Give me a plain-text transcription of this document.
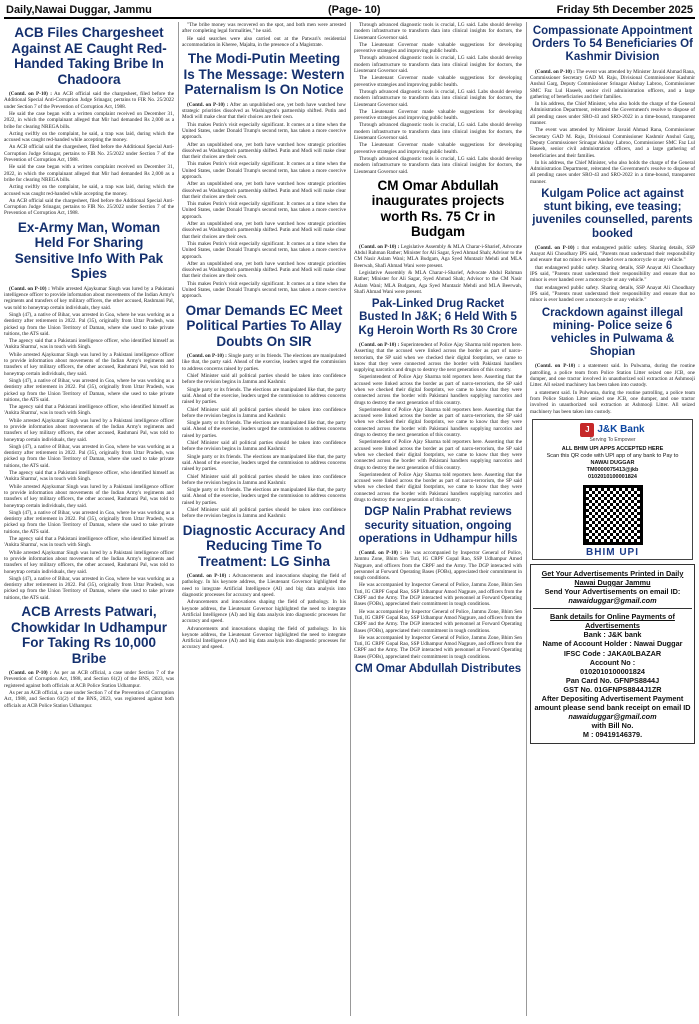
Daily,Nawai Duggar, Jammu	(Page- 10)	Friday 5th December 2025
ACB Files Chargesheet Against AE Caught Red-Handed Taking Bribe In Chadoora

(Contd. on P-10) : An ACB official said the chargesheet, filed before the Additional Special Anti-Corruption Judge Srinagar, pertains to FIR No. 25/2022 under Section 7 of the Prevention of Corruption Act, 1988.

He said the case began with a written complaint received on December 31, 2022, in which the complainant alleged that Mir had demanded Rs 2,000 as a bribe for clearing NREGA bills.

Acting swiftly on the complaint, he said, a trap was laid, during which the accused was caught red-handed while accepting the money.

An ACB official said the chargesheet, filed before the Additional Special Anti-Corruption Judge Srinagar, pertains to FIR No. 25/2022 under Section 7 of the Prevention of Corruption Act, 1988.

He said the case began with a written complaint received on December 31, 2022, in which the complainant alleged that Mir had demanded Rs 2,000 as a bribe for clearing NREGA bills.

Acting swiftly on the complaint, he said, a trap was laid, during which the accused was caught red-handed while accepting the money.

An ACB official said the chargesheet, filed before the Additional Special Anti-Corruption Judge Srinagar, pertains to FIR No. 25/2022 under Section 7 of the Prevention of Corruption Act, 1988.

Ex-Army Man, Woman Held For Sharing Sensitive Info With Pak Spies

(Contd. on P-10) : While arrested Ajaykumar Singh was lured by a Pakistani intelligence officer to provide information about movements of the Indian Army's regiments and transfers of key military officers, the other accused, Rashmani Pal, was told to honeytrap certain individuals, they said.

Singh (47), a native of Bihar, was arrested in Goa, where he was working as a dentistry after retirement in 2022. Pal (35), originally from Uttar Pradesh, was picked up from the Union Territory of Daman, where she used to take private tuitions, the ATS said.

The agency said that a Pakistani intelligence officer, who identified himself as 'Ankita Sharma', was in touch with Singh.

While arrested Ajaykumar Singh was lured by a Pakistani intelligence officer to provide information about movements of the Indian Army's regiments and transfers of key military officers, the other accused, Rashmani Pal, was told to honeytrap certain individuals, they said.

Singh (47), a native of Bihar, was arrested in Goa, where he was working as a dentistry after retirement in 2022. Pal (35), originally from Uttar Pradesh, was picked up from the Union Territory of Daman, where she used to take private tuitions, the ATS said.

The agency said that a Pakistani intelligence officer, who identified himself as 'Ankita Sharma', was in touch with Singh.

While arrested Ajaykumar Singh was lured by a Pakistani intelligence officer to provide information about movements of the Indian Army's regiments and transfers of key military officers, the other accused, Rashmani Pal, was told to honeytrap certain individuals, they said.

Singh (47), a native of Bihar, was arrested in Goa, where he was working as a dentistry after retirement in 2022. Pal (35), originally from Uttar Pradesh, was picked up from the Union Territory of Daman, where she used to take private tuitions, the ATS said.

The agency said that a Pakistani intelligence officer, who identified himself as 'Ankita Sharma', was in touch with Singh.

While arrested Ajaykumar Singh was lured by a Pakistani intelligence officer to provide information about movements of the Indian Army's regiments and transfers of key military officers, the other accused, Rashmani Pal, was told to honeytrap certain individuals, they said.

Singh (47), a native of Bihar, was arrested in Goa, where he was working as a dentistry after retirement in 2022. Pal (35), originally from Uttar Pradesh, was picked up from the Union Territory of Daman, where she used to take private tuitions, the ATS said.

The agency said that a Pakistani intelligence officer, who identified himself as 'Ankita Sharma', was in touch with Singh.

While arrested Ajaykumar Singh was lured by a Pakistani intelligence officer to provide information about movements of the Indian Army's regiments and transfers of key military officers, the other accused, Rashmani Pal, was told to honeytrap certain individuals, they said.

Singh (47), a native of Bihar, was arrested in Goa, where he was working as a dentistry after retirement in 2022. Pal (35), originally from Uttar Pradesh, was picked up from the Union Territory of Daman, where she used to take private tuitions, the ATS said.

ACB Arrests Patwari, Chowkidar In Udhampur For Taking Rs 10,000 Bribe

(Contd. on P-10) : As per an ACB official, a case under Section 7 of the Prevention of Corruption Act, 1988, and Section 61(2) of the BNS, 2023, was registered against both officials at ACB Police Station Udhampur.

As per an ACB official, a case under Section 7 of the Prevention of Corruption Act, 1988, and Section 61(2) of the BNS, 2023, was registered against both officials at ACB Police Station Udhampur.

"The bribe money was recovered on the spot, and both men were arrested after completing legal formalities," he said.

He said searches were also carried out at the Patwari's residential accommodation in Kheree, Majalta, in the presence of a Magistrate.

The Modi-Putin Meeting Is The Message: Western Paternalism Is On Notice

(Contd. on P-10) : After an unpublished one, yet both have watched how strategic priorities dissolved as Washington's partnership shifted. Putin and Modi will make clear that their choices are their own.

This makes Putin's visit especially significant. It comes at a time when the United States, under Donald Trump's second term, has taken a more coercive approach.

After an unpublished one, yet both have watched how strategic priorities dissolved as Washington's partnership shifted. Putin and Modi will make clear that their choices are their own.

This makes Putin's visit especially significant. It comes at a time when the United States, under Donald Trump's second term, has taken a more coercive approach.

After an unpublished one, yet both have watched how strategic priorities dissolved as Washington's partnership shifted. Putin and Modi will make clear that their choices are their own.

This makes Putin's visit especially significant. It comes at a time when the United States, under Donald Trump's second term, has taken a more coercive approach.

After an unpublished one, yet both have watched how strategic priorities dissolved as Washington's partnership shifted. Putin and Modi will make clear that their choices are their own.

This makes Putin's visit especially significant. It comes at a time when the United States, under Donald Trump's second term, has taken a more coercive approach.

After an unpublished one, yet both have watched how strategic priorities dissolved as Washington's partnership shifted. Putin and Modi will make clear that their choices are their own.

This makes Putin's visit especially significant. It comes at a time when the United States, under Donald Trump's second term, has taken a more coercive approach.

Omar Demands EC Meet Political Parties To Allay Doubts On SIR

(Contd. on P-10) : Single party or its friends. The elections are manipulated like that, the party said. Ahead of the exercise, leaders urged the commission to address concerns raised by parties.

Chief Minister said all political parties should be taken into confidence before the revision begins in Jammu and Kashmir.

Single party or its friends. The elections are manipulated like that, the party said. Ahead of the exercise, leaders urged the commission to address concerns raised by parties.

Chief Minister said all political parties should be taken into confidence before the revision begins in Jammu and Kashmir.

Single party or its friends. The elections are manipulated like that, the party said. Ahead of the exercise, leaders urged the commission to address concerns raised by parties.

Chief Minister said all political parties should be taken into confidence before the revision begins in Jammu and Kashmir.

Single party or its friends. The elections are manipulated like that, the party said. Ahead of the exercise, leaders urged the commission to address concerns raised by parties.

Chief Minister said all political parties should be taken into confidence before the revision begins in Jammu and Kashmir.

Single party or its friends. The elections are manipulated like that, the party said. Ahead of the exercise, leaders urged the commission to address concerns raised by parties.

Chief Minister said all political parties should be taken into confidence before the revision begins in Jammu and Kashmir.

Diagnostic Accuracy And Reducing Time To Treatment: LG Sinha

(Contd. on P-10) : Advancements and innovations shaping the field of pathology. In his keynote address, the Lieutenant Governor highlighted the need to integrate Artificial Intelligence (AI) and big data analysis into diagnostic processes for accuracy and speed.

Advancements and innovations shaping the field of pathology. In his keynote address, the Lieutenant Governor highlighted the need to integrate Artificial Intelligence (AI) and big data analysis into diagnostic processes for accuracy and speed.

Advancements and innovations shaping the field of pathology. In his keynote address, the Lieutenant Governor highlighted the need to integrate Artificial Intelligence (AI) and big data analysis into diagnostic processes for accuracy and speed.

Through advanced diagnostic tools is crucial, LG said. Labs should develop modern infrastructure to transform data into clinical insights for doctors, the Lieutenant Governor said.

The Lieutenant Governor made valuable suggestions for developing preventive strategies and improving public health.

Through advanced diagnostic tools is crucial, LG said. Labs should develop modern infrastructure to transform data into clinical insights for doctors, the Lieutenant Governor said.

The Lieutenant Governor made valuable suggestions for developing preventive strategies and improving public health.

Through advanced diagnostic tools is crucial, LG said. Labs should develop modern infrastructure to transform data into clinical insights for doctors, the Lieutenant Governor said.

The Lieutenant Governor made valuable suggestions for developing preventive strategies and improving public health.

Through advanced diagnostic tools is crucial, LG said. Labs should develop modern infrastructure to transform data into clinical insights for doctors, the Lieutenant Governor said.

The Lieutenant Governor made valuable suggestions for developing preventive strategies and improving public health.

Through advanced diagnostic tools is crucial, LG said. Labs should develop modern infrastructure to transform data into clinical insights for doctors, the Lieutenant Governor said.

CM Omar Abdullah inaugurates projects worth Rs. 75 Cr in Budgam

(Contd. on P-10) : Legislative Assembly & MLA Charar-i-Sharief, Advocate Abdul Rahman Rather; Minister for Ali Sagar, Syed Ahmad Shah; Advisor to the CM Nasir Aslam Wani; MLA Budgam, Aga Syed Muntazir Mehdi and MLA Beerwah, Shafi Ahmad Wani were present.

Legislative Assembly & MLA Charar-i-Sharief, Advocate Abdul Rahman Rather; Minister for Ali Sagar, Syed Ahmad Shah; Advisor to the CM Nasir Aslam Wani; MLA Budgam, Aga Syed Muntazir Mehdi and MLA Beerwah, Shafi Ahmad Wani were present.

Pak-Linked Drug Racket Busted In J&K; 6 Held With 5 Kg Heroin Worth Rs 30 Crore

(Contd. on P-10) : Superintendent of Police Ajay Sharma told reporters here. Asserting that the accused were linked across the border as part of narco-terrorism, the SP said when we checked their digital footprints, we came to know that they were connected across the border with Pakistani handlers supplying narcotics and drugs to destroy the next generation of this country.

Superintendent of Police Ajay Sharma told reporters here. Asserting that the accused were linked across the border as part of narco-terrorism, the SP said when we checked their digital footprints, we came to know that they were connected across the border with Pakistani handlers supplying narcotics and drugs to destroy the next generation of this country.

Superintendent of Police Ajay Sharma told reporters here. Asserting that the accused were linked across the border as part of narco-terrorism, the SP said when we checked their digital footprints, we came to know that they were connected across the border with Pakistani handlers supplying narcotics and drugs to destroy the next generation of this country.

Superintendent of Police Ajay Sharma told reporters here. Asserting that the accused were linked across the border as part of narco-terrorism, the SP said when we checked their digital footprints, we came to know that they were connected across the border with Pakistani handlers supplying narcotics and drugs to destroy the next generation of this country.

Superintendent of Police Ajay Sharma told reporters here. Asserting that the accused were linked across the border as part of narco-terrorism, the SP said when we checked their digital footprints, we came to know that they were connected across the border with Pakistani handlers supplying narcotics and drugs to destroy the next generation of this country.

DGP Nalin Prabhat reviews security situation, ongoing operations in Udhampur hills

(Contd. on P-10) : He was accompanied by Inspector General of Police, Jammu Zone, Bhim Sen Tuti, IG CRPF Gopal Rao, SSP Udhampur Amod Nagpure, and officers from the CRPF and the Army. The DGP interacted with personnel at Forward Operating Bases (FOBs), appreciated their commitment in tough conditions.

He was accompanied by Inspector General of Police, Jammu Zone, Bhim Sen Tuti, IG CRPF Gopal Rao, SSP Udhampur Amod Nagpure, and officers from the CRPF and the Army. The DGP interacted with personnel at Forward Operating Bases (FOBs), appreciated their commitment in tough conditions.

He was accompanied by Inspector General of Police, Jammu Zone, Bhim Sen Tuti, IG CRPF Gopal Rao, SSP Udhampur Amod Nagpure, and officers from the CRPF and the Army. The DGP interacted with personnel at Forward Operating Bases (FOBs), appreciated their commitment in tough conditions.

He was accompanied by Inspector General of Police, Jammu Zone, Bhim Sen Tuti, IG CRPF Gopal Rao, SSP Udhampur Amod Nagpure, and officers from the CRPF and the Army. The DGP interacted with personnel at Forward Operating Bases (FOBs), appreciated their commitment in tough conditions.

CM Omar Abdullah Distributes
Compassionate Appointment Orders To 54 Beneficiaries Of Kashmir Division

(Contd. on P-10) : The event was attended by Minister Javaid Ahmad Rana, Commissioner Secretary GAD M. Raju, Divisional Commissioner Kashmir Anshul Garg, Deputy Commissioner Srinagar Akshay Labroo, Commissioner SMC Faz Lul Haseeb, senior civil administration officers, and a large gathering of beneficiaries and their families.

In his address, the Chief Minister, who also holds the charge of the General Administration Department, reiterated the Government's resolve to dispose of all pending cases under SRO-43 and SRO-2022 in a time-bound, transparent manner.

The event was attended by Minister Javaid Ahmad Rana, Commissioner Secretary GAD M. Raju, Divisional Commissioner Kashmir Anshul Garg, Deputy Commissioner Srinagar Akshay Labroo, Commissioner SMC Faz Lul Haseeb, senior civil administration officers, and a large gathering of beneficiaries and their families.

In his address, the Chief Minister, who also holds the charge of the General Administration Department, reiterated the Government's resolve to dispose of all pending cases under SRO-43 and SRO-2022 in a time-bound, transparent manner.

Kulgam Police act against stunt biking, eve teasing; juveniles counselled, parents booked

(Contd. on P-10) : that endangered public safety. Sharing details, SSP Anayat Ali Choudhary IPS said, "Parents must understand their responsibility and ensure that no minor is ever handed over a motorcycle or any vehicle."

that endangered public safety. Sharing details, SSP Anayat Ali Choudhary IPS said, "Parents must understand their responsibility and ensure that no minor is ever handed over a motorcycle or any vehicle."

that endangered public safety. Sharing details, SSP Anayat Ali Choudhary IPS said, "Parents must understand their responsibility and ensure that no minor is ever handed over a motorcycle or any vehicle."

Crackdown against illegal mining- Police seize 6 vehicles in Pulwama & Shopian

(Contd. on P-10) : a statement said. In Pulwama, during the routine patrolling, a police team from Police Station Litter seized one JCB, one dumper, and one tractor involved in unauthorized soil extraction at Ashmooji Litter. All seized machinery has been taken into custody.

a statement said. In Pulwama, during the routine patrolling, a police team from Police Station Litter seized one JCB, one dumper, and one tractor involved in unauthorized soil extraction at Ashmooji Litter. All seized machinery has been taken into custody.

J J&K Bank
Serving To Empower
ALL BHIM UPI APPS ACCEPTED HERE
Scan this QR code with UPI app of any bank to Pay to
NAWAI DUGGAR
TM0000075413@jkb
0102010100001824
BHIM UPI
Get Your Advertisements Printed in Daily Nawai Duggar Jammu
Send Your Advertisements on email ID:
nawaiduggar@gmail.com
Bank details for Online Payments of Advertisements
Bank : J&K bank
Name of Account Holder : Nawai Duggar
IFSC Code : JAKA0LBAZAR
Account No :
0102010100001824
Pan Card No. GFNPS8844J
GST No. 01GFNPS8844J1ZR
After Depositing Advertisement Payment amount please send bank receipt on email ID
nawaiduggar@gmail.com
with Bill No.
M : 09419146379.
